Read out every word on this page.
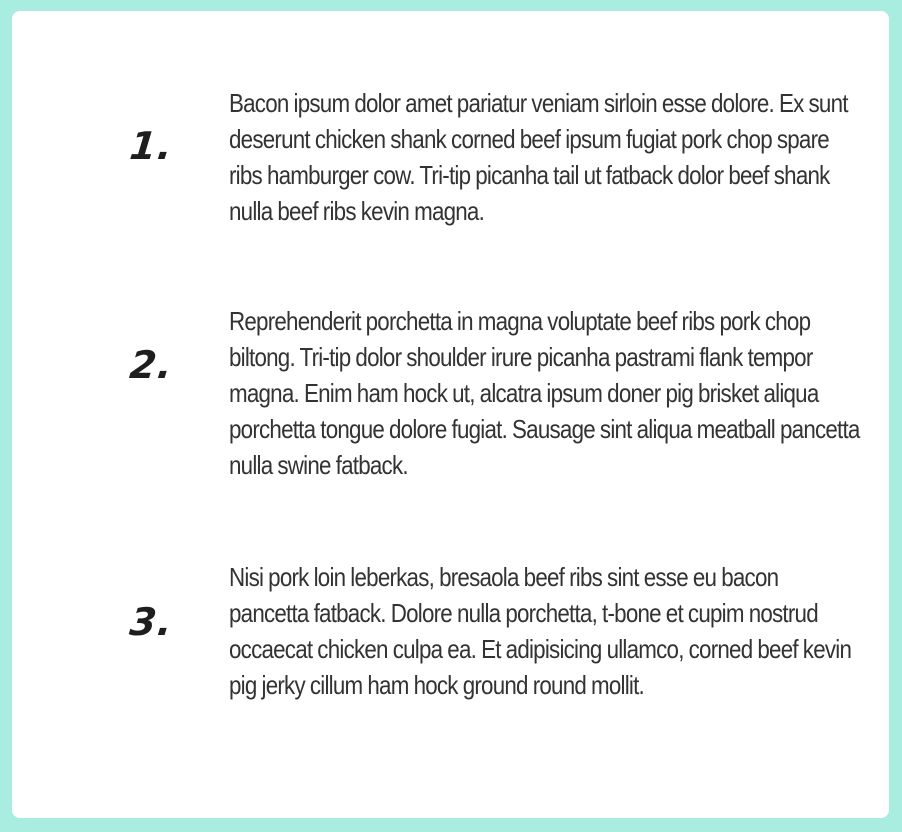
1.
Bacon ipsum dolor amet pariatur veniam sirloin esse dolore. Ex sunt deserunt chicken shank corned beef ipsum fugiat pork chop spare ribs hamburger cow. Tri-tip picanha tail ut fatback dolor beef shank nulla beef ribs kevin magna.
2.
Reprehenderit porchetta in magna voluptate beef ribs pork chop biltong. Tri-tip dolor shoulder irure picanha pastrami flank tempor magna. Enim ham hock ut, alcatra ipsum doner pig brisket aliqua porchetta tongue dolore fugiat. Sausage sint aliqua meatball pancetta nulla swine fatback.
3.
Nisi pork loin leberkas, bresaola beef ribs sint esse eu bacon pancetta fatback. Dolore nulla porchetta, t-bone et cupim nostrud occaecat chicken culpa ea. Et adipisicing ullamco, corned beef kevin pig jerky cillum ham hock ground round mollit.
